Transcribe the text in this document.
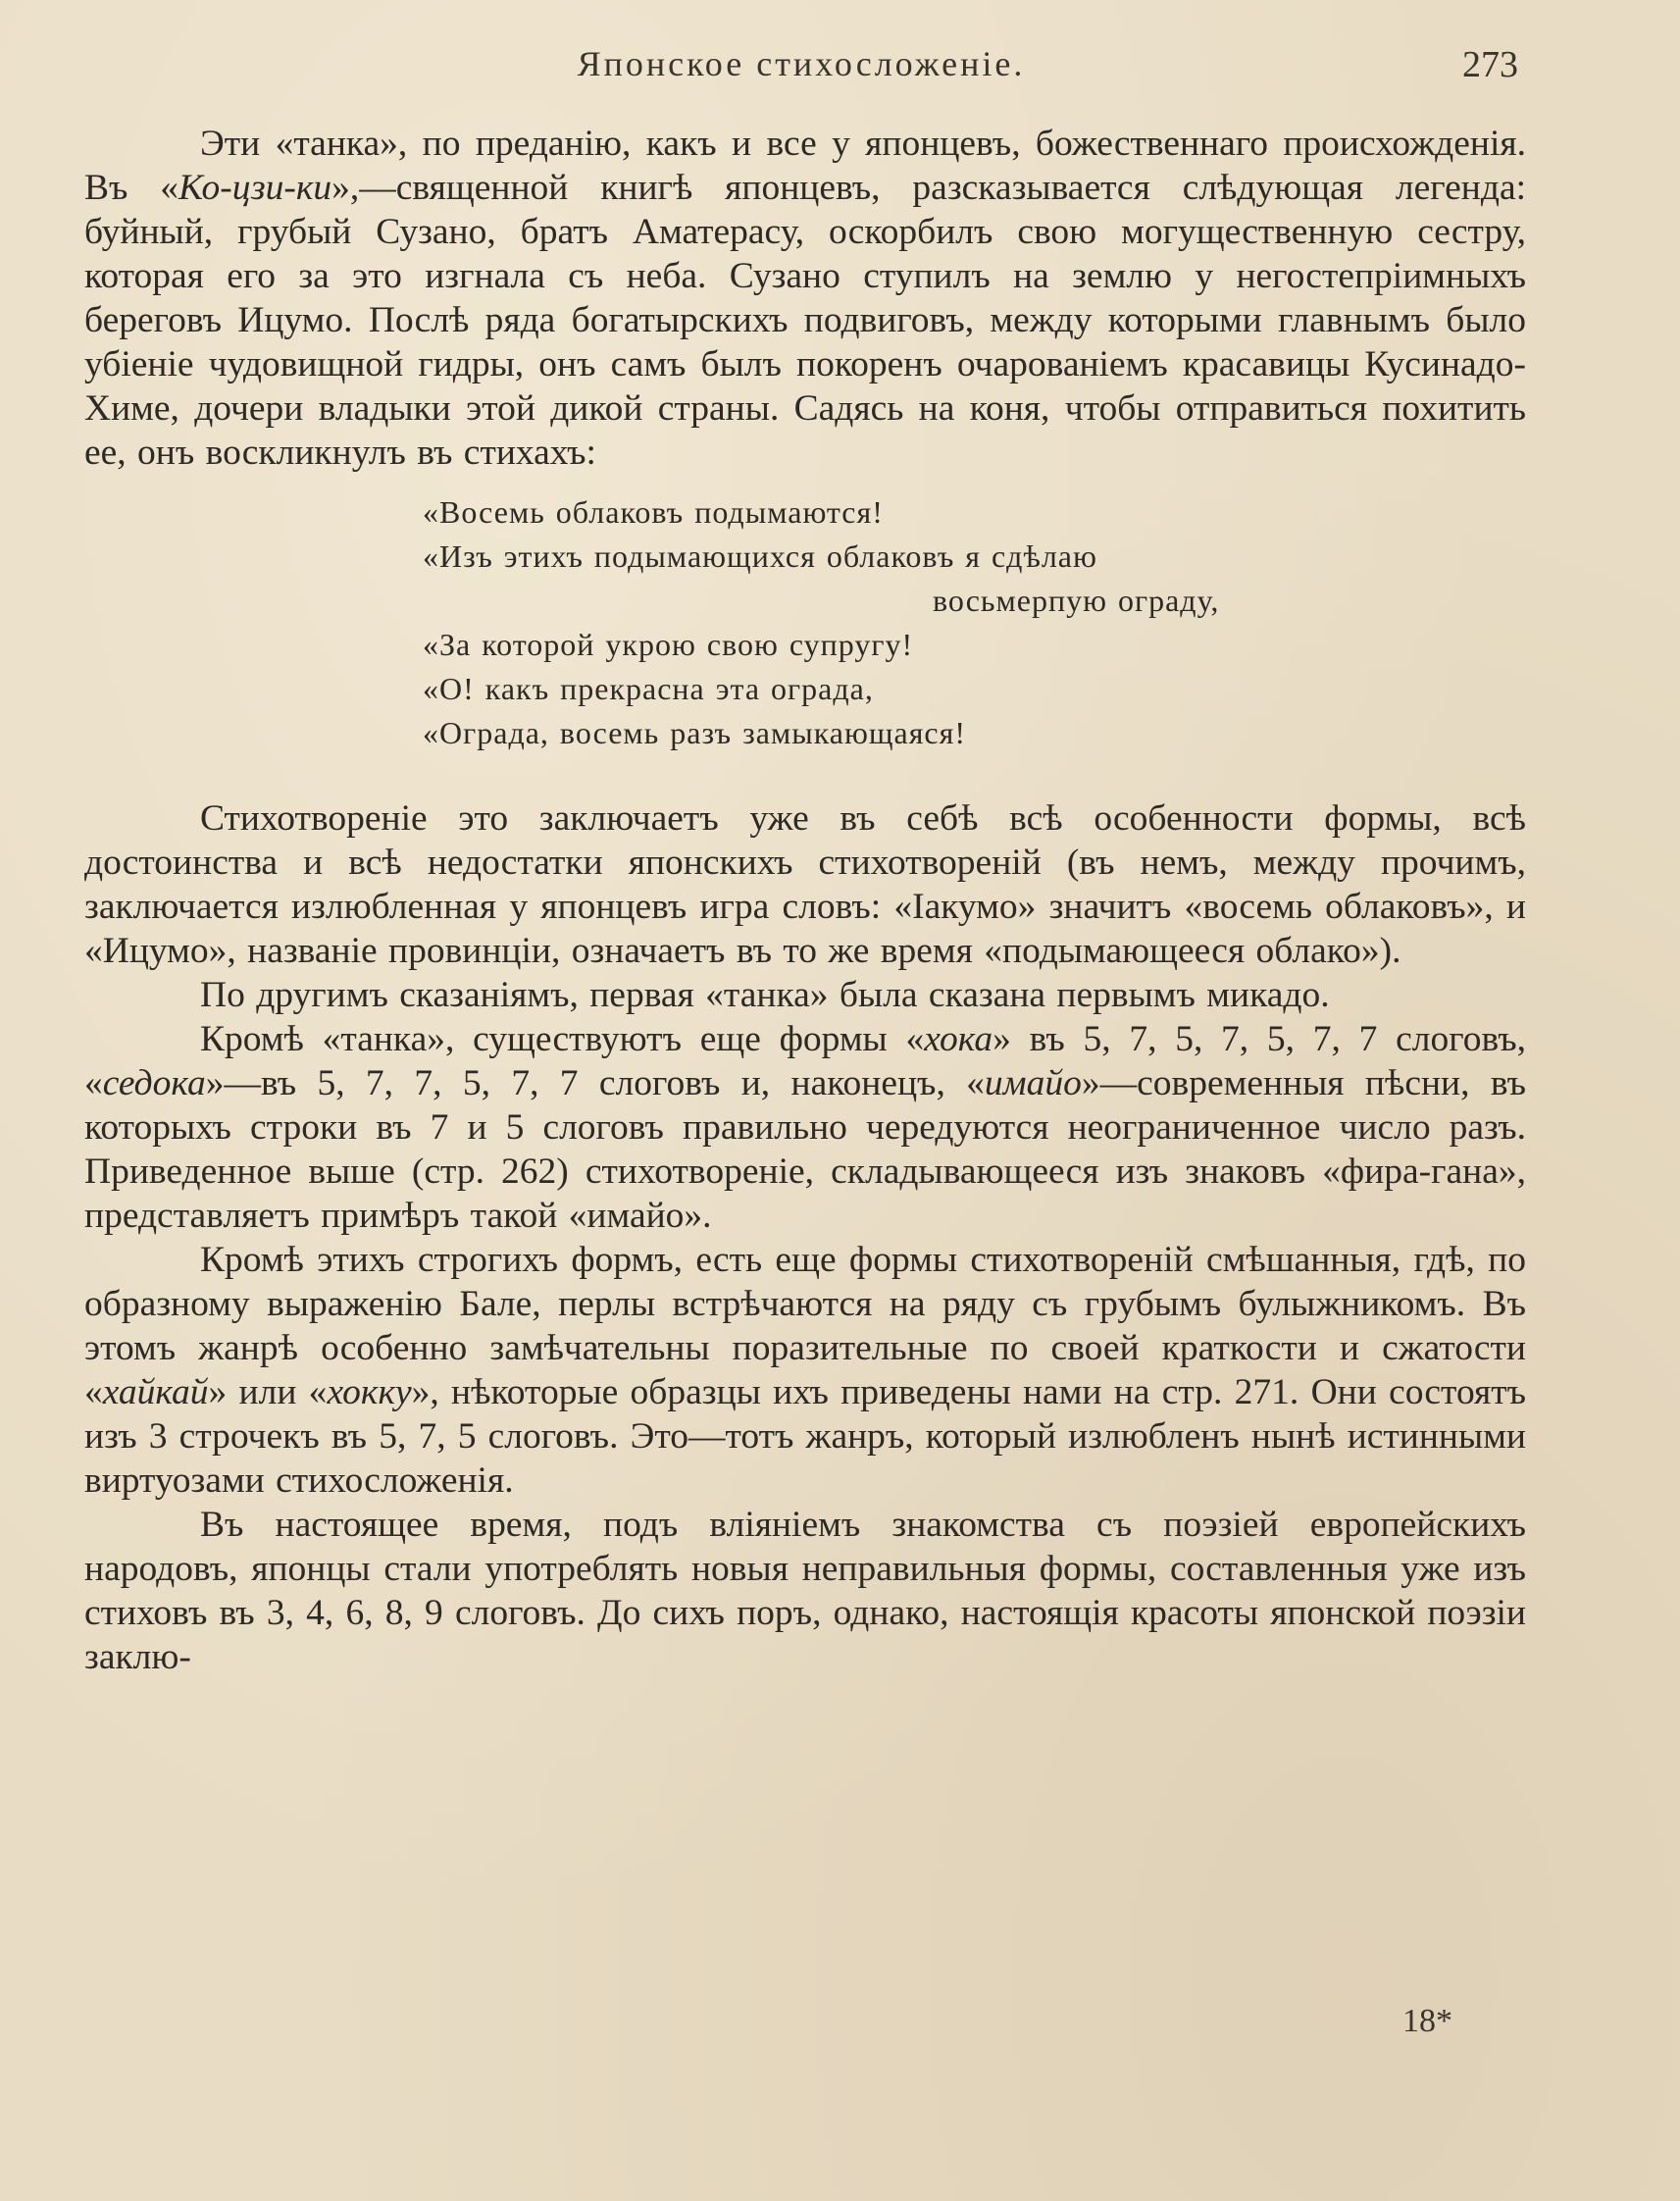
Японское стихосложеніе.	273

Эти «танка», по преданію, какъ и все у японцевъ, божественнаго происхожденія. Въ «Ко-цзи-ки»,—священной книгѣ японцевъ, разсказывается слѣдующая легенда: буйный, грубый Сузано, братъ Аматерасу, оскорбилъ свою могущественную сестру, которая его за это изгнала съ неба. Сузано ступилъ на землю у негостепріимныхъ береговъ Ицумо. Послѣ ряда богатырскихъ подвиговъ, между которыми главнымъ было убіеніе чудовищной гидры, онъ самъ былъ покоренъ очарованіемъ красавицы Кусинадо-Химе, дочери владыки этой дикой страны. Садясь на коня, чтобы отправиться похитить ее, онъ воскликнулъ въ стихахъ:

«Восемь облаковъ подымаются!
«Изъ этихъ подымающихся облаковъ я сдѣлаю
восьмерпую ограду,
«За которой укрою свою супругу!
«О! какъ прекрасна эта ограда,
«Ограда, восемь разъ замыкающаяся!

Стихотвореніе это заключаетъ уже въ себѣ всѣ особенности формы, всѣ достоинства и всѣ недостатки японскихъ стихотвореній (въ немъ, между прочимъ, заключается излюбленная у японцевъ игра словъ: «Іакумо» значитъ «восемь облаковъ», и «Ицумо», названіе провинціи, означаетъ въ то же время «подымающееся облако»).

По другимъ сказаніямъ, первая «танка» была сказана первымъ микадо.

Кромѣ «танка», существуютъ еще формы «хока» въ 5, 7, 5, 7, 5, 7, 7 слоговъ, «седока»—въ 5, 7, 7, 5, 7, 7 слоговъ и, наконецъ, «имайо»—современныя пѣсни, въ которыхъ строки въ 7 и 5 слоговъ правильно чередуются неограниченное число разъ. Приведенное выше (стр. 262) стихотвореніе, складывающееся изъ знаковъ «фира-гана», представляетъ примѣръ такой «имайо».

Кромѣ этихъ строгихъ формъ, есть еще формы стихотвореній смѣшанныя, гдѣ, по образному выраженію Бале, перлы встрѣчаются на ряду съ грубымъ булыжникомъ. Въ этомъ жанрѣ особенно замѣчательны поразительные по своей краткости и сжатости «хайкай» или «хокку», нѣкоторые образцы ихъ приведены нами на стр. 271. Они состоятъ изъ 3 строчекъ въ 5, 7, 5 слоговъ. Это—тотъ жанръ, который излюбленъ нынѣ истинными виртуозами стихосложенія.

Въ настоящее время, подъ вліяніемъ знакомства съ поэзіей европейскихъ народовъ, японцы стали употреблять новыя неправильныя формы, составленныя уже изъ стиховъ въ 3, 4, 6, 8, 9 слоговъ. До сихъ поръ, однако, настоящія красоты японской поэзіи заклю-

18*
